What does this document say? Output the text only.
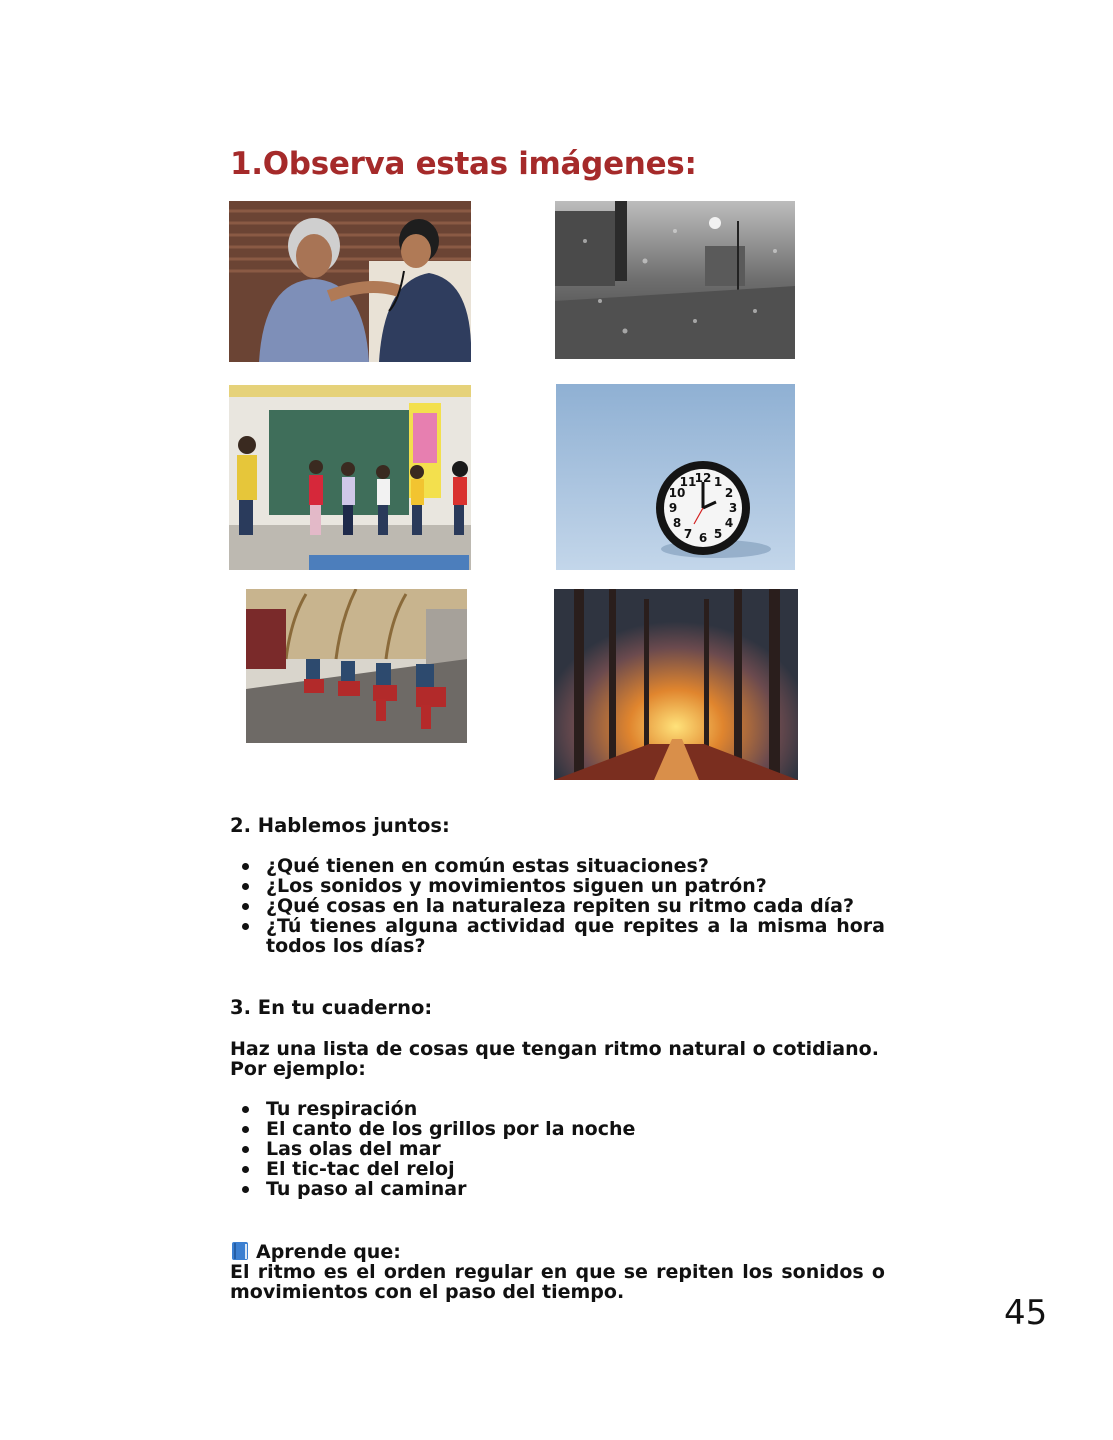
1.Observa estas imágenes:
12 1
2
3
4
5
6
7
8
9
10
11
2. Hablemos juntos:
¿Qué tienen en común estas situaciones?
¿Los sonidos y movimientos siguen un patrón?
¿Qué cosas en la naturaleza repiten su ritmo cada día?
¿Tú tienes alguna actividad que repites a la misma hora todos los días?
3. En tu cuaderno:
Haz una lista de cosas que tengan ritmo natural o cotidiano. Por ejemplo:
Tu respiración
El canto de los grillos por la noche
Las olas del mar
El tic-tac del reloj
Tu paso al caminar
Aprende que:
El ritmo es el orden regular en que se repiten los sonidos o movimientos con el paso del tiempo.
45
